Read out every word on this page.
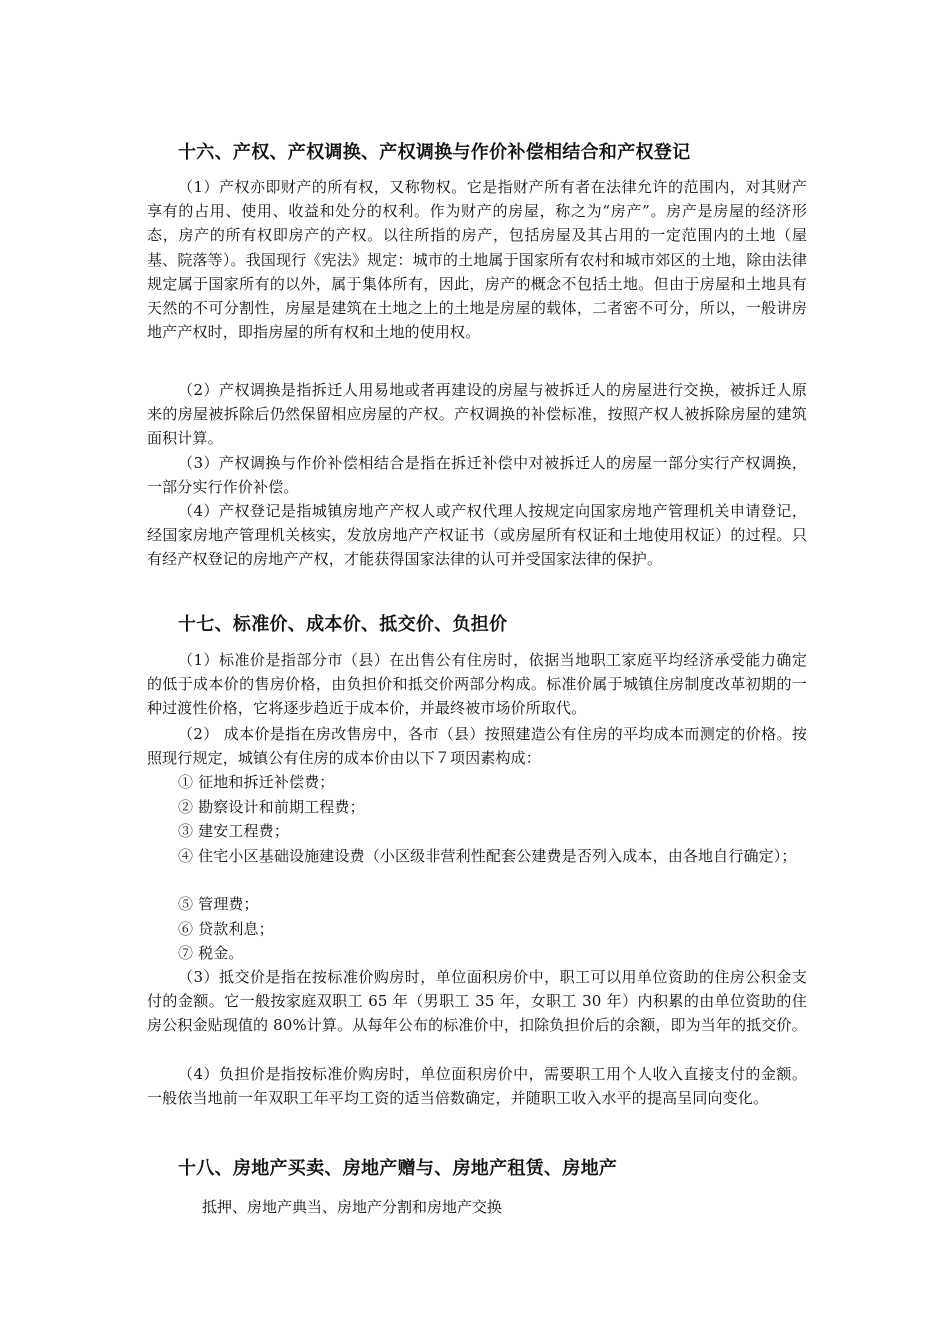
十六、产权、产权调换、产权调换与作价补偿相结合和产权登记
（1）产权亦即财产的所有权，又称物权。它是指财产所有者在法律允许的范围内，对其财产享有的占用、使用、收益和处分的权利。作为财产的房屋，称之为“房产”。房产是房屋的经济形态，房产的所有权即房产的产权。以往所指的房产，包括房屋及其占用的一定范围内的土地（屋基、院落等）。我国现行《宪法》规定：城市的土地属于国家所有农村和城市郊区的土地，除由法律规定属于国家所有的以外，属于集体所有，因此，房产的概念不包括土地。但由于房屋和土地具有天然的不可分割性，房屋是建筑在土地之上的土地是房屋的载体，二者密不可分，所以，一般讲房地产产权时，即指房屋的所有权和土地的使用权。
（2）产权调换是指拆迁人用易地或者再建设的房屋与被拆迁人的房屋进行交换，被拆迁人原来的房屋被拆除后仍然保留相应房屋的产权。产权调换的补偿标准，按照产权人被拆除房屋的建筑面积计算。
（3）产权调换与作价补偿相结合是指在拆迁补偿中对被拆迁人的房屋一部分实行产权调换，一部分实行作价补偿。
（4）产权登记是指城镇房地产产权人或产权代理人按规定向国家房地产管理机关申请登记，经国家房地产管理机关核实，发放房地产产权证书（或房屋所有权证和土地使用权证）的过程。只有经产权登记的房地产产权，才能获得国家法律的认可并受国家法律的保护。
十七、标准价、成本价、抵交价、负担价
（1）标准价是指部分市（县）在出售公有住房时，依据当地职工家庭平均经济承受能力确定的低于成本价的售房价格，由负担价和抵交价两部分构成。标准价属于城镇住房制度改革初期的一种过渡性价格，它将逐步趋近于成本价，并最终被市场价所取代。
（2） 成本价是指在房改售房中，各市（县）按照建造公有住房的平均成本而测定的价格。按照现行规定，城镇公有住房的成本价由以下７项因素构成：
① 征地和拆迁补偿费；
② 勘察设计和前期工程费；
③ 建安工程费；
④ 住宅小区基础设施建设费（小区级非营利性配套公建费是否列入成本，由各地自行确定）；
⑤ 管理费；
⑥ 贷款利息；
⑦ 税金。
（3）抵交价是指在按标准价购房时，单位面积房价中，职工可以用单位资助的住房公积金支付的金额。它一般按家庭双职工 65 年（男职工 35 年，女职工 30 年）内积累的由单位资助的住房公积金贴现值的 80%计算。从每年公布的标准价中，扣除负担价后的余额，即为当年的抵交价。
（4）负担价是指按标准价购房时，单位面积房价中，需要职工用个人收入直接支付的金额。一般依当地前一年双职工年平均工资的适当倍数确定，并随职工收入水平的提高呈同向变化。
十八、房地产买卖、房地产赠与、房地产租赁、房地产
抵押、房地产典当、房地产分割和房地产交换
